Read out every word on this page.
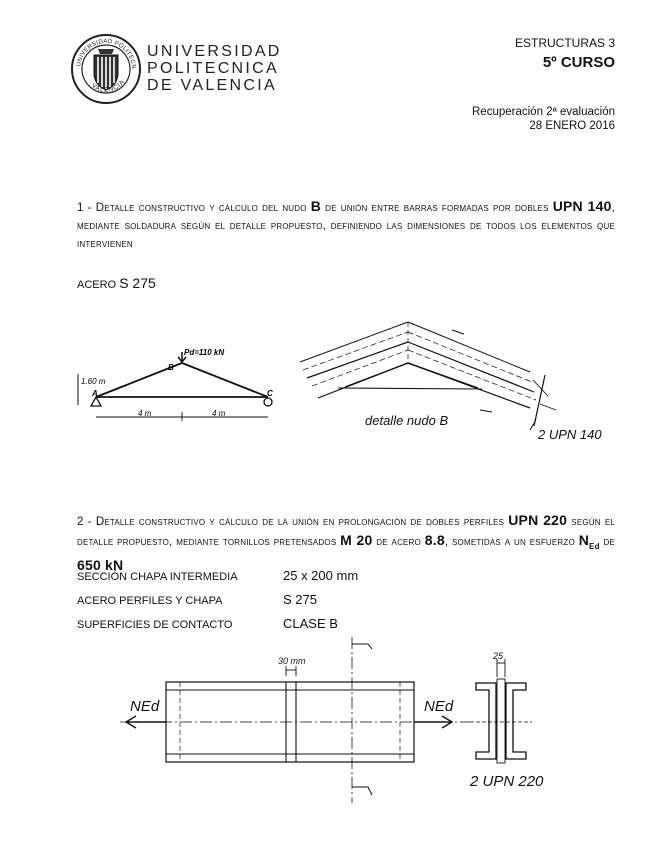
UNIVERSIDAD POLITECN
VALENCIA
UNIVERSIDAD
POLITECNICA
DE VALENCIA
ESTRUCTURAS 3
5º CURSO
Recuperación 2ª evaluación
28 ENERO 2016
1 - Detalle constructivo y cálculo del nudo B de unión entre barras formadas por dobles UPN 140, mediante soldadura según el detalle propuesto, definiendo las dimensiones de todos los elementos que intervienen
ACERO S 275
Pd=110 kN
B
A	C
1.60 m
4 m	4 m	detalle nudo B
2 UPN 140
2 - Detalle constructivo y cálculo de la unión en prolongación de dobles perfiles UPN 220 según el detalle propuesto, mediante tornillos pretensados M 20 de acero 8.8, sometidas a un esfuerzo $N_{Ed}$ de 650 kN
SECCIÓN CHAPA INTERMEDIA	25 x 200 mm
ACERO PERFILES Y CHAPA	S 275
SUPERFICIES DE CONTACTO	CLASE B
30 mm
NEd	NEd
25
2 UPN 220
